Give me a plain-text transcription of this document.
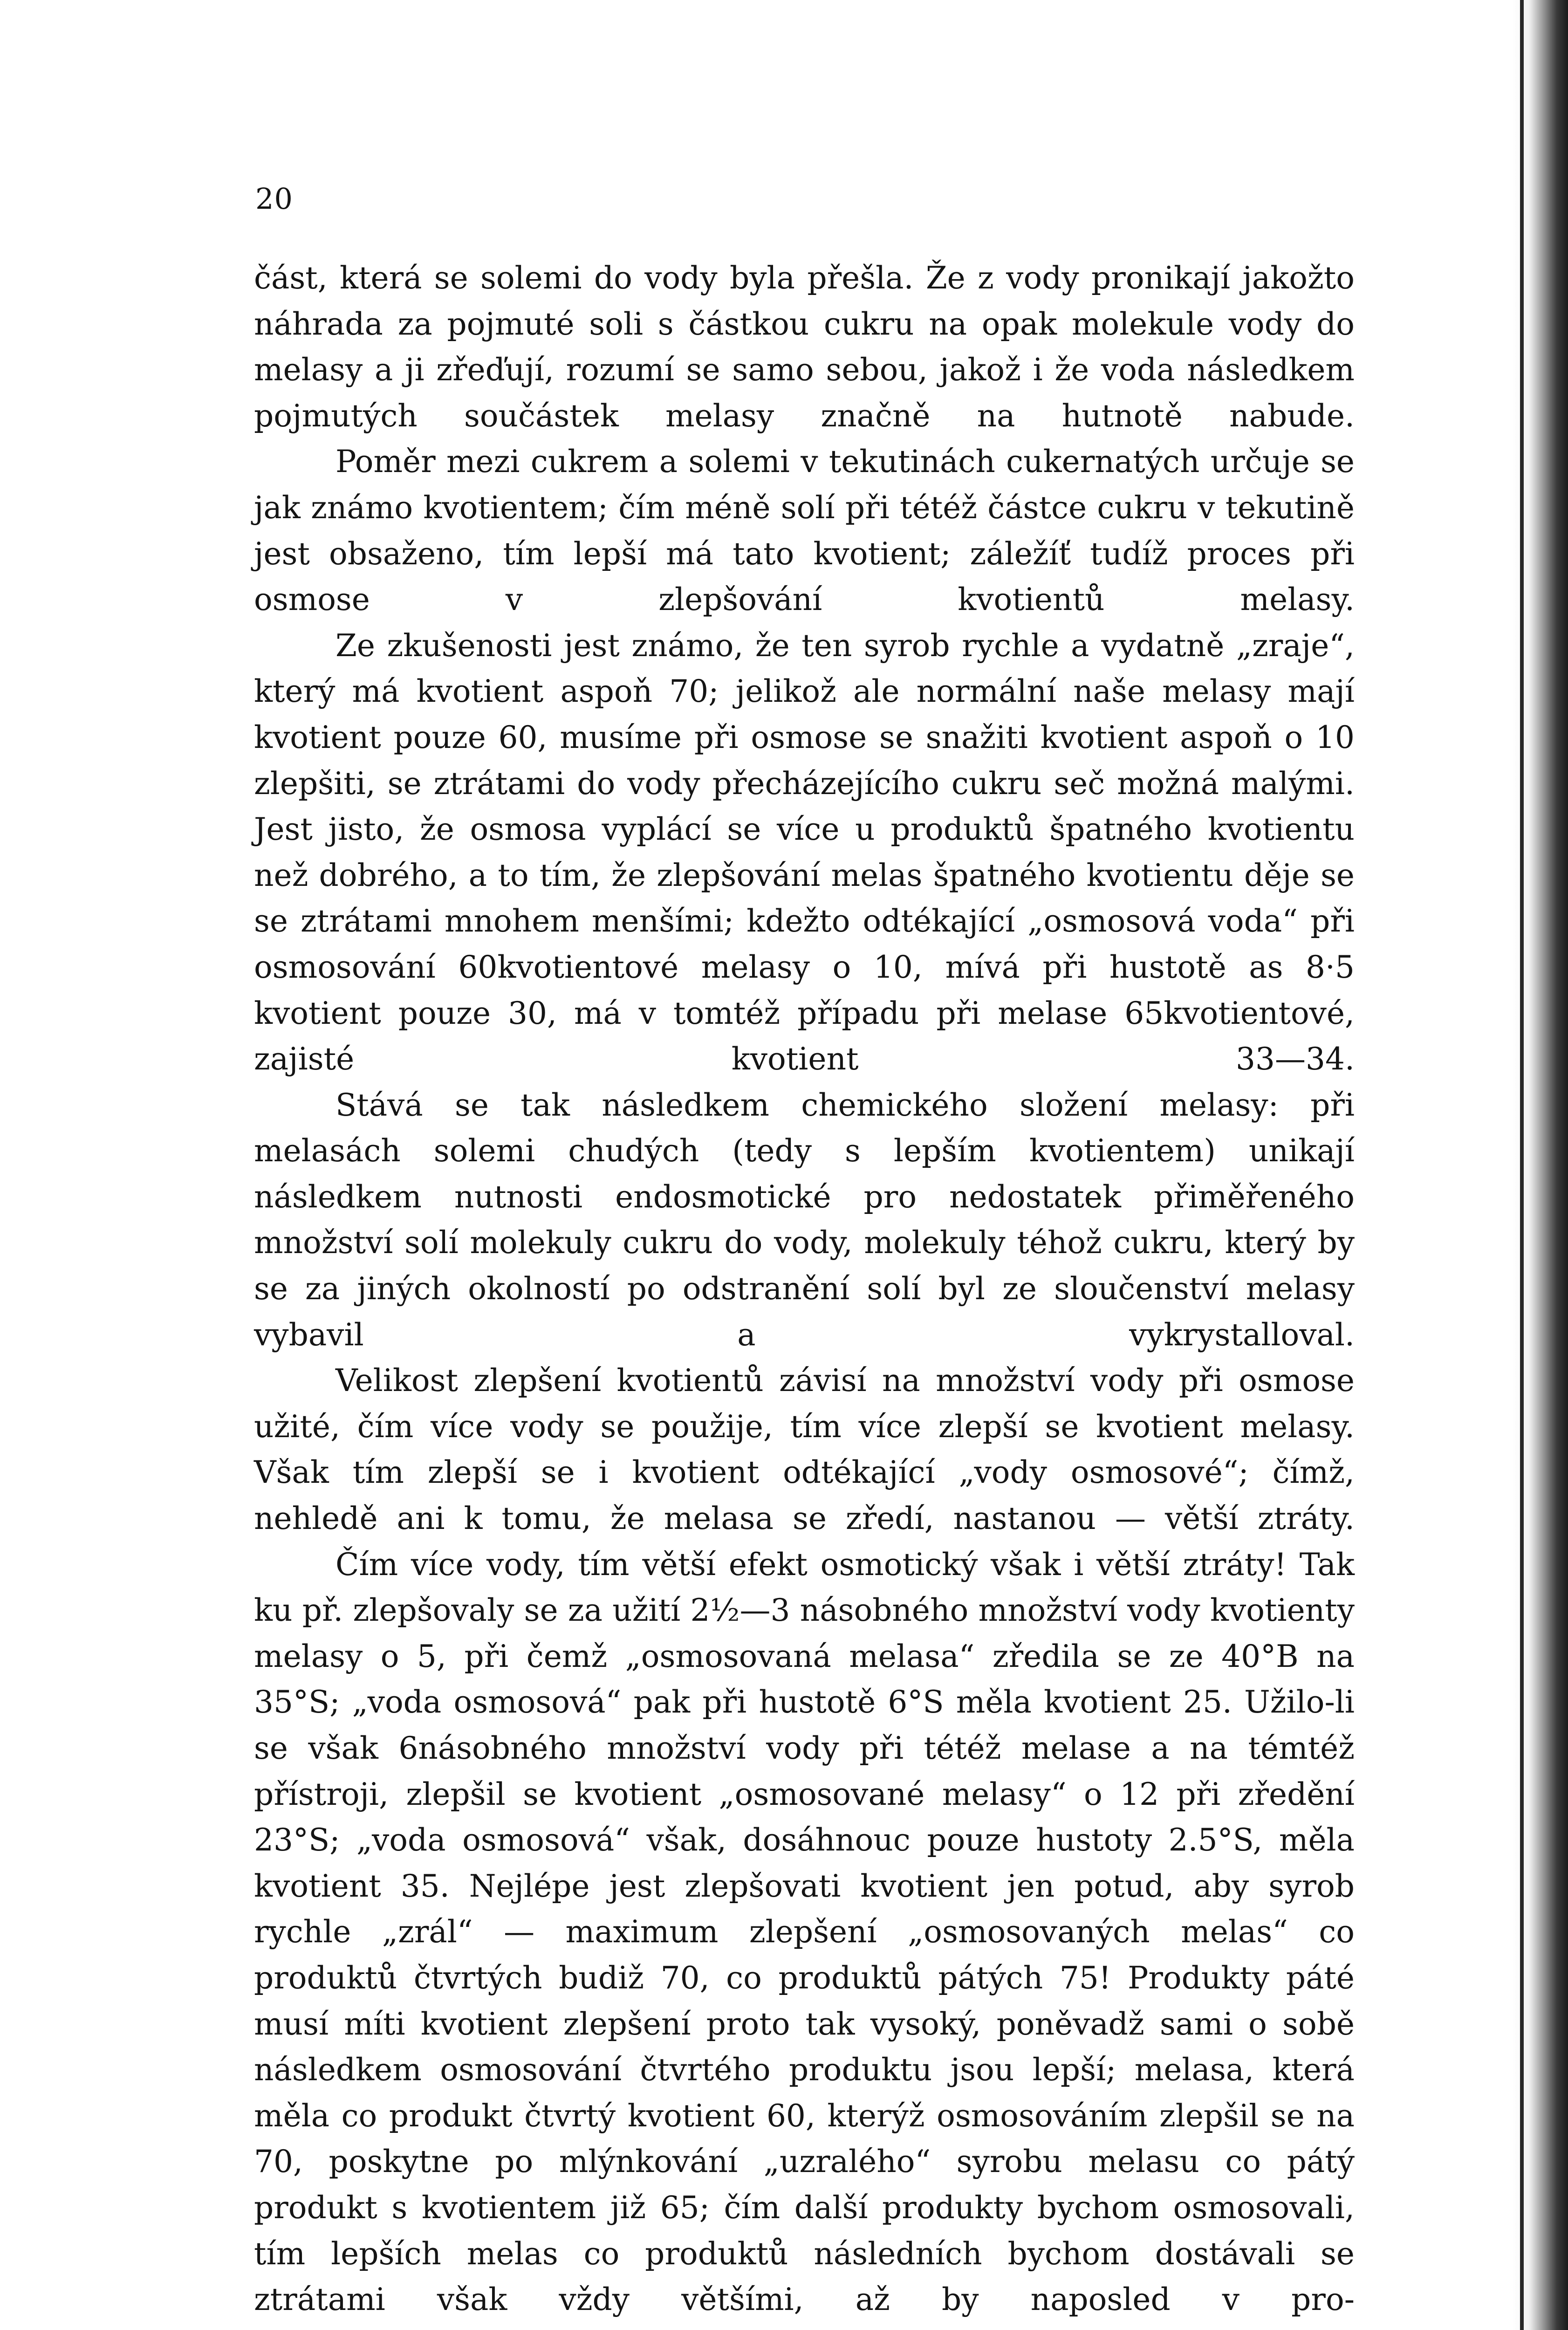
20

část, která se solemi do vody byla přešla. Že z vody pronikají jakožto náhrada za pojmuté soli s částkou cukru na opak molekule vody do melasy a ji zřeďují, rozumí se samo sebou, jakož i že voda následkem pojmutých součástek melasy značně na hutnotě nabude.

Poměr mezi cukrem a solemi v tekutinách cukernatých určuje se jak známo kvotientem; čím méně solí při tétéž částce cukru v tekutině jest obsaženo, tím lepší má tato kvotient; záležíť tudíž proces při osmose v zlepšování kvotientů melasy.

Ze zkušenosti jest známo, že ten syrob rychle a vydatně „zraje“, který má kvotient aspoň 70; jelikož ale normální naše melasy mají kvotient pouze 60, musíme při osmose se snažiti kvotient aspoň o 10 zlepšiti, se ztrátami do vody přecházejícího cukru seč možná malými. Jest jisto, že osmosa vyplácí se více u produktů špatného kvotientu než dobrého, a to tím, že zlepšování melas špatného kvotientu děje se se ztrátami mnohem menšími; kdežto odtékající „osmosová voda“ při osmosování 60kvotientové melasy o 10, mívá při hustotě as 8·5 kvotient pouze 30, má v tomtéž případu při melase 65kvotientové, zajisté kvotient 33—34.

Stává se tak následkem chemického složení melasy: při melasách solemi chudých (tedy s lepším kvotientem) unikají následkem nutnosti endosmotické pro nedostatek přiměřeného množství solí molekuly cukru do vody, molekuly téhož cukru, který by se za jiných okolností po odstranění solí byl ze sloučenství melasy vybavil a vykrystalloval.

Velikost zlepšení kvotientů závisí na množství vody při osmose užité, čím více vody se použije, tím více zlepší se kvotient melasy. Však tím zlepší se i kvotient odtékající „vody osmosové“; čímž, nehledě ani k tomu, že melasa se zředí, nastanou — větší ztráty.

Čím více vody, tím větší efekt osmotický však i větší ztráty! Tak ku př. zlepšovaly se za užití 2½—3 násobného množství vody kvotienty melasy o 5, při čemž „osmosovaná melasa“ zředila se ze 40°B na 35°S; „voda osmosová“ pak při hustotě 6°S měla kvotient 25. Užilo-li se však 6násobného množství vody při tétéž melase a na témtéž přístroji, zlepšil se kvotient „osmosované melasy“ o 12 při zředění 23°S; „voda osmosová“ však, dosáhnouc pouze hustoty 2.5°S, měla kvotient 35. Nejlépe jest zlepšovati kvotient jen potud, aby syrob rychle „zrál“ — maximum zlepšení „osmosovaných melas“ co produktů čtvrtých budiž 70, co produktů pátých 75! Produkty páté musí míti kvotient zlepšení proto tak vysoký, poněvadž sami o sobě následkem osmosování čtvrtého produktu jsou lepší; melasa, která měla co produkt čtvrtý kvotient 60, kterýž osmosováním zlepšil se na 70, poskytne po mlýnkování „uzralého“ syrobu melasu co pátý produkt s kvotientem již 65; čím další produkty bychom osmosovali, tím lepších melas co produktů následních bychom dostávali se ztrátami však vždy většími, až by naposled v pro-
